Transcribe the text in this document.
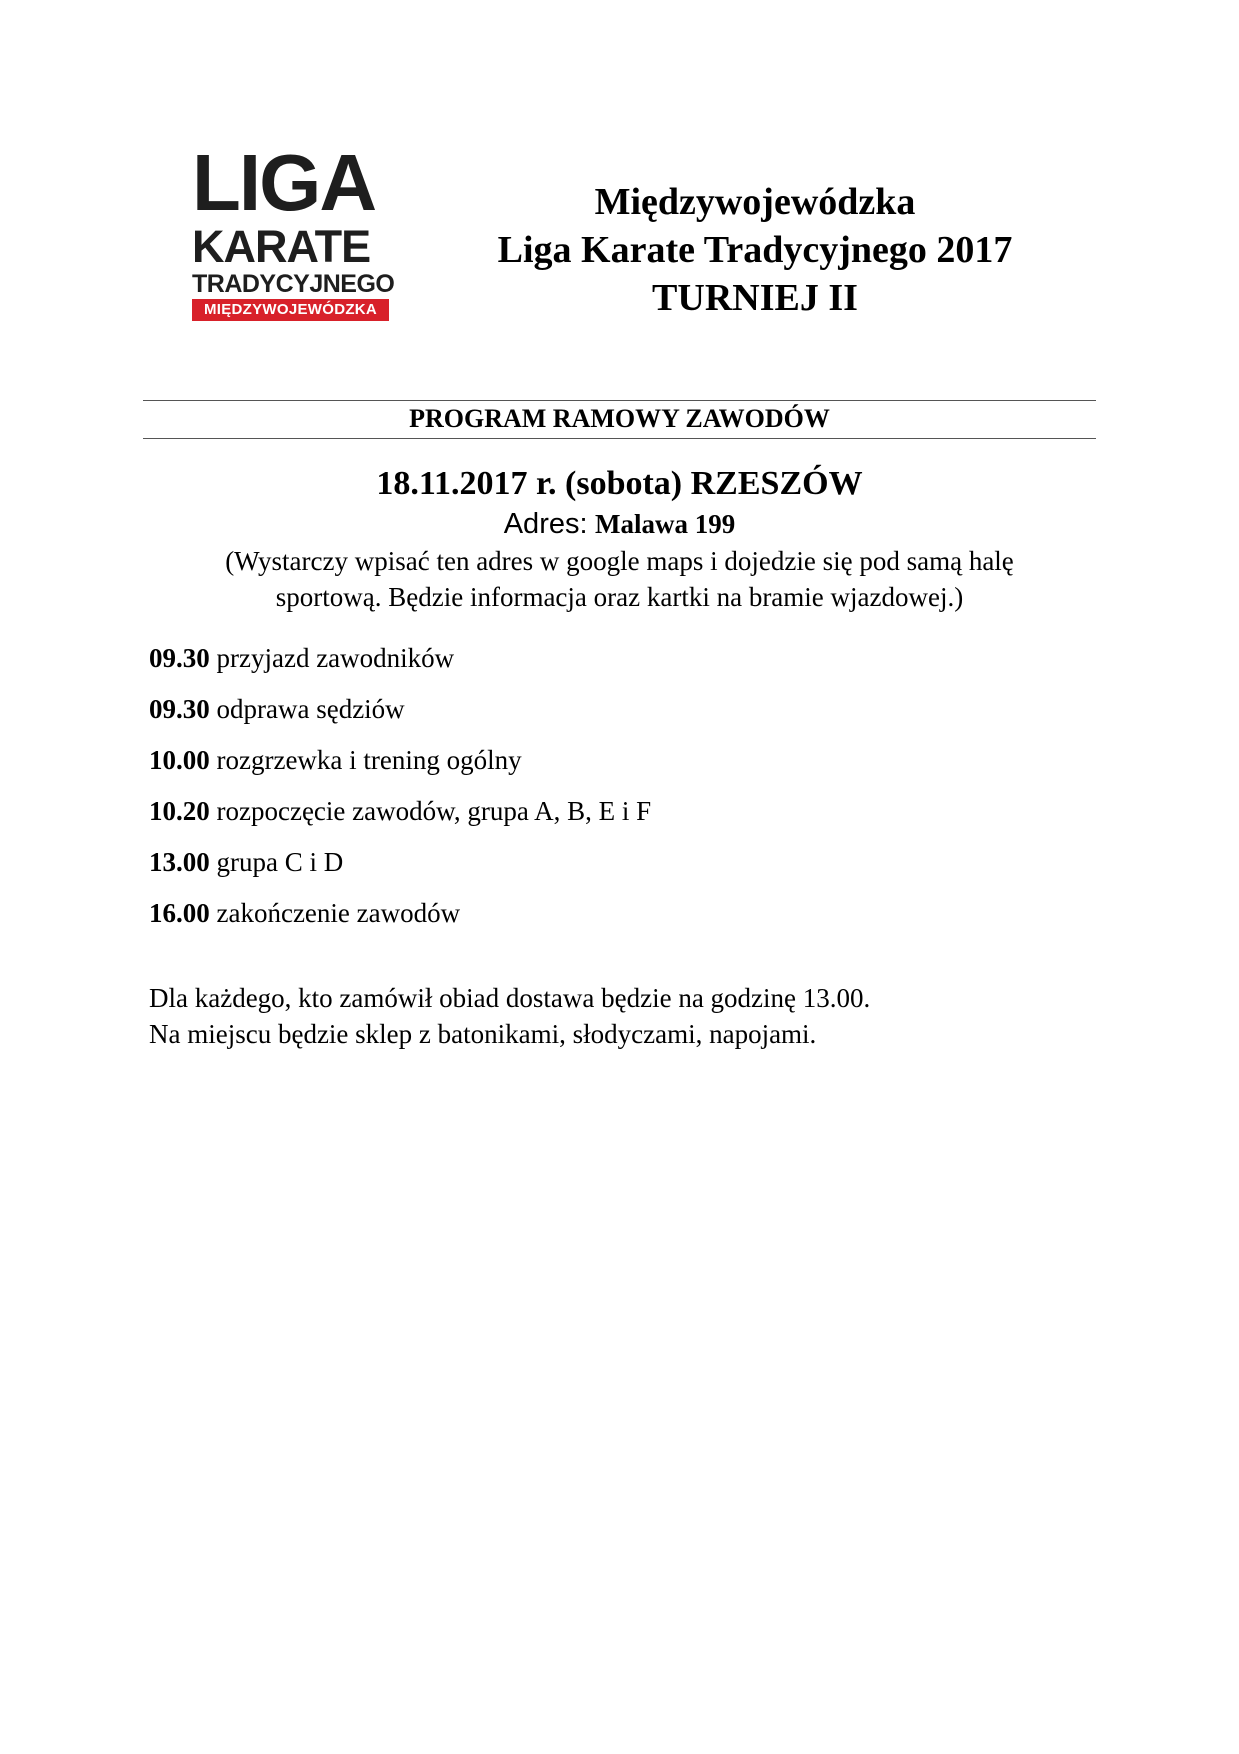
LIGA
KARATE
TRADYCYJNEGO
MIĘDZYWOJEWÓDZKA
Międzywojewódzka
Liga Karate Tradycyjnego 2017
TURNIEJ II
PROGRAM RAMOWY ZAWODÓW
18.11.2017 r. (sobota) RZESZÓW
Adres: Malawa 199
(Wystarczy wpisać ten adres w google maps i dojedzie się pod samą halę
sportową. Będzie informacja oraz kartki na bramie wjazdowej.)
09.30 przyjazd zawodników
09.30 odprawa sędziów
10.00 rozgrzewka i trening ogólny
10.20 rozpoczęcie zawodów, grupa A, B, E i F
13.00 grupa C i D
16.00 zakończenie zawodów
Dla każdego, kto zamówił obiad dostawa będzie na godzinę 13.00.
Na miejscu będzie sklep z batonikami, słodyczami, napojami.
